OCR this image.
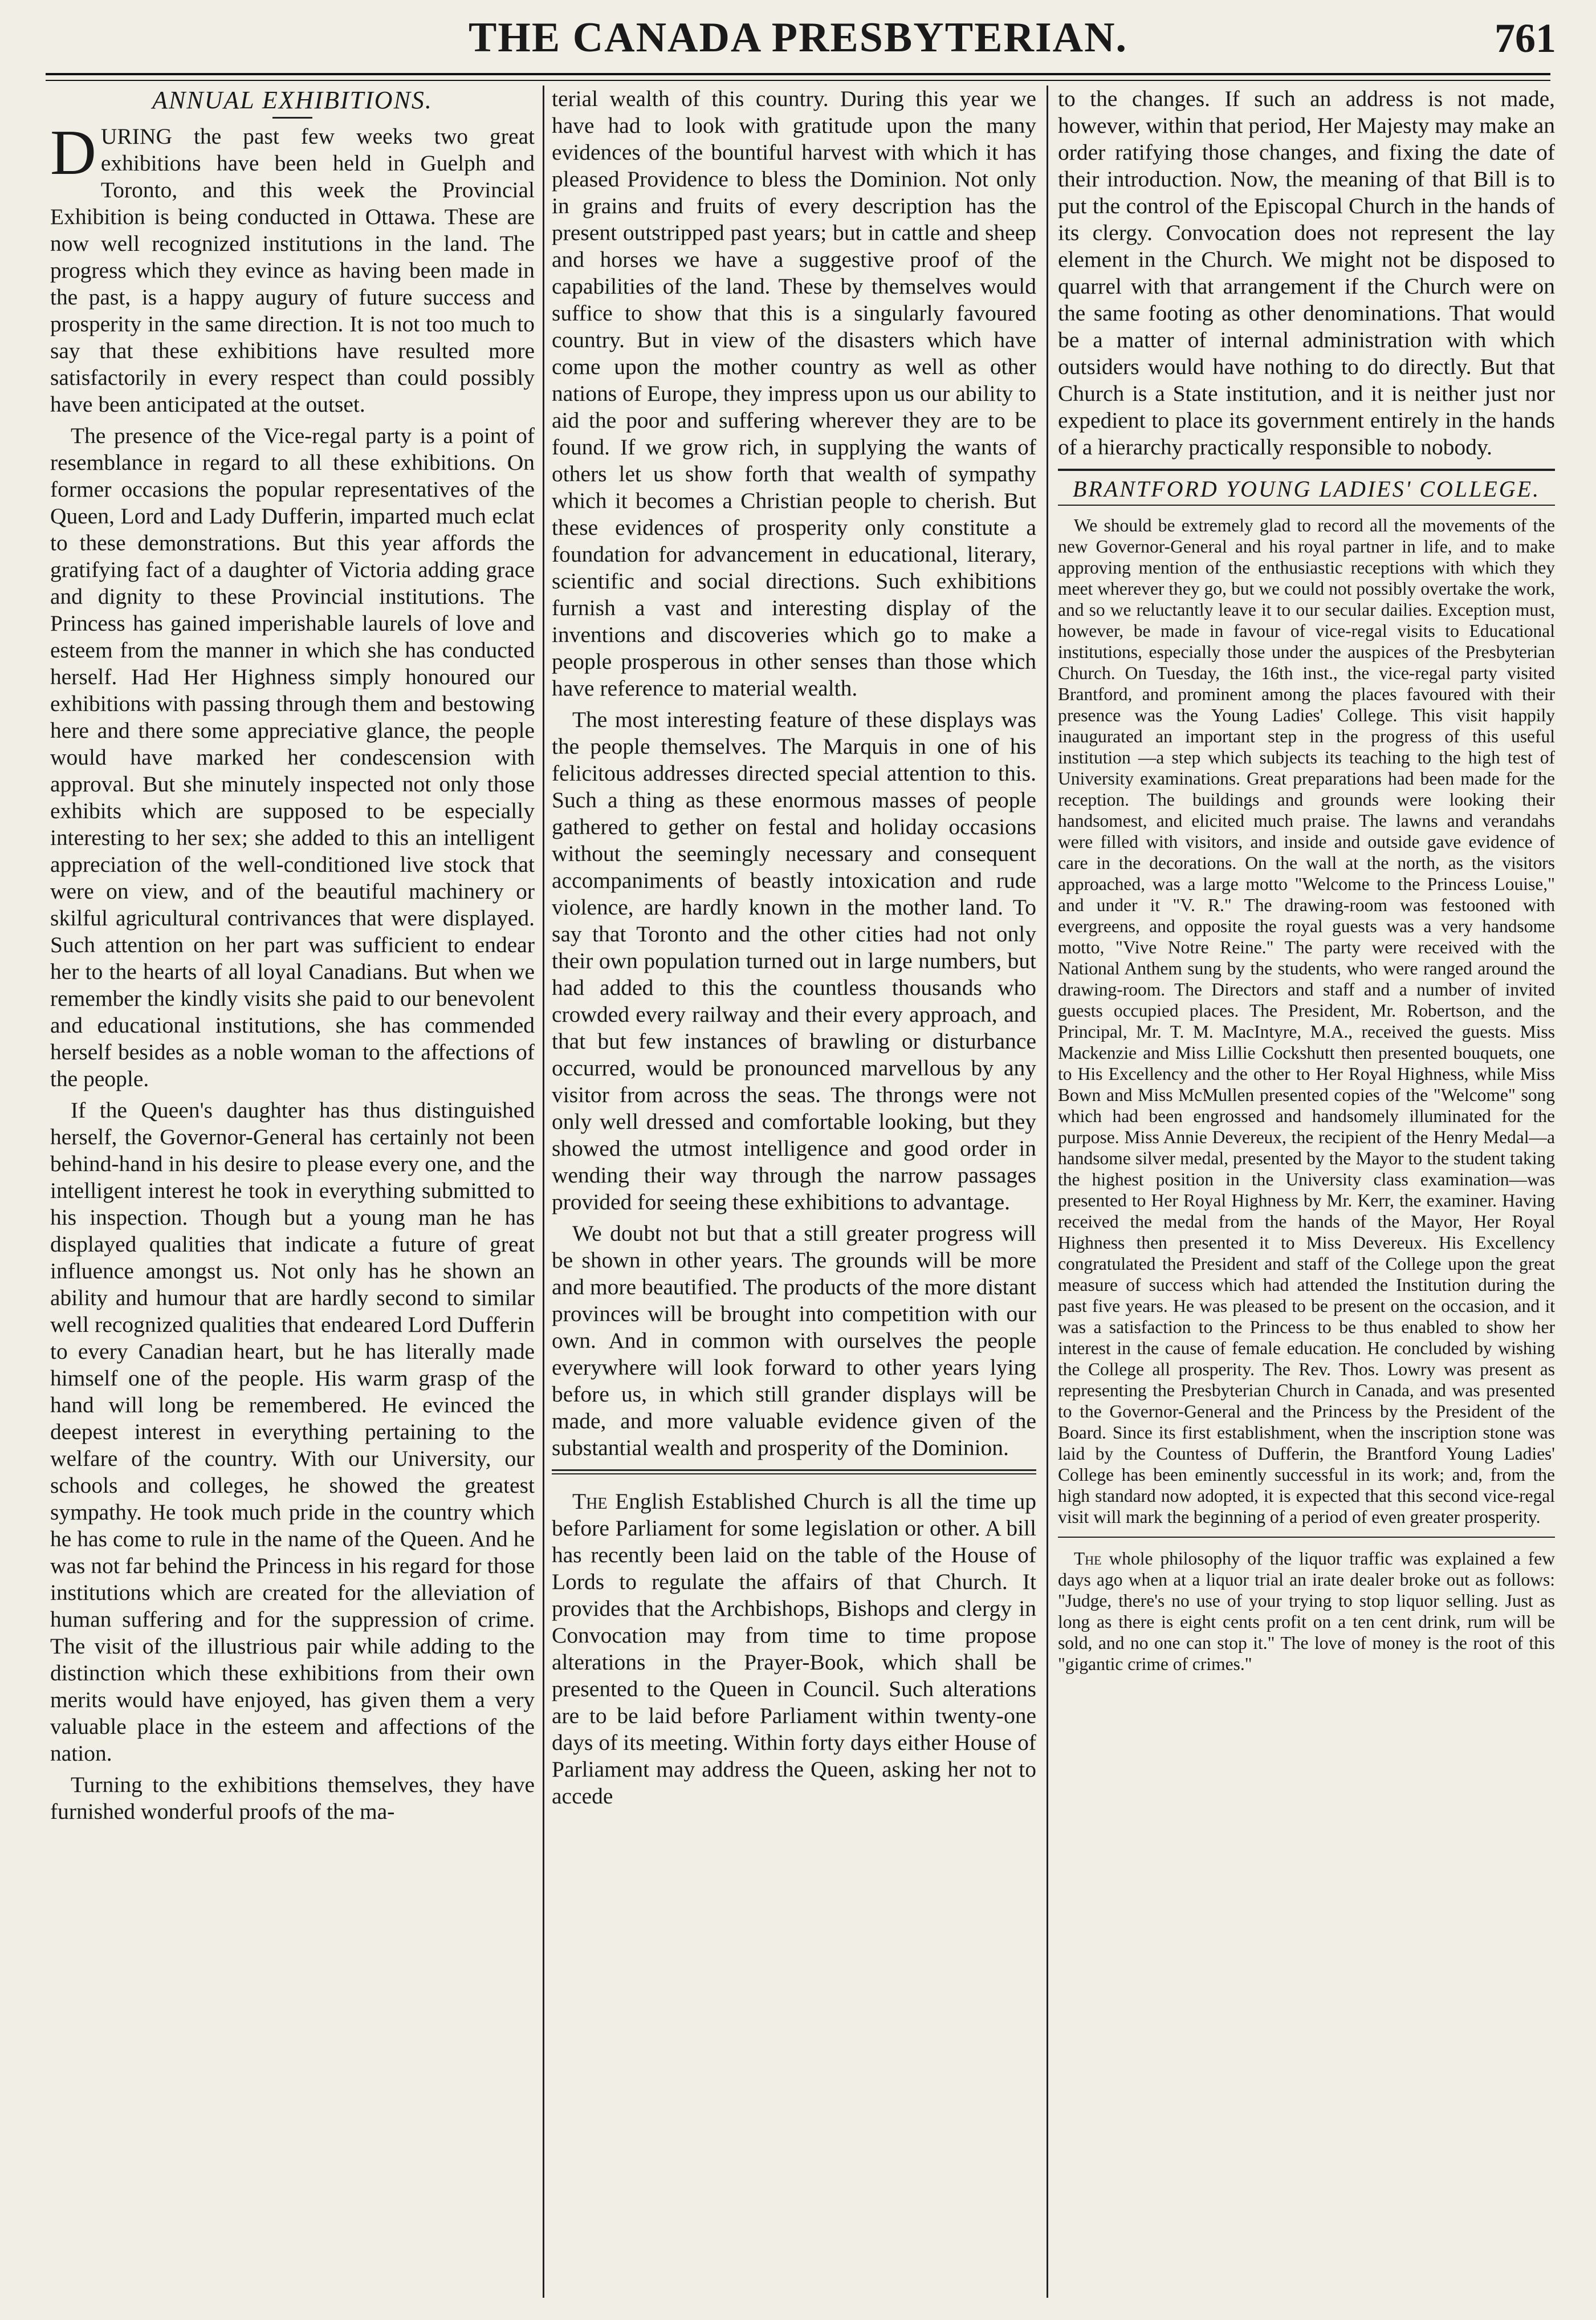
THE CANADA PRESBYTERIAN.	761
ANNUAL EXHIBITIONS.

DURING the past few weeks two great exhibitions have been held in Guelph and Toronto, and this week the Provincial Exhibition is being conducted in Ottawa. These are now well recognized institutions in the land. The progress which they evince as having been made in the past, is a happy augury of future success and prosperity in the same direction. It is not too much to say that these exhibitions have resulted more satisfactorily in every respect than could possibly have been anticipated at the outset.

The presence of the Vice-regal party is a point of resemblance in regard to all these exhibitions. On former occasions the popular representatives of the Queen, Lord and Lady Dufferin, imparted much eclat to these demonstrations. But this year affords the gratifying fact of a daughter of Victoria adding grace and dignity to these Provincial institutions. The Princess has gained imperishable laurels of love and esteem from the manner in which she has conducted herself. Had Her Highness simply honoured our exhibitions with passing through them and bestowing here and there some appreciative glance, the people would have marked her condescension with approval. But she minutely inspected not only those exhibits which are supposed to be especially interesting to her sex; she added to this an intelligent appreciation of the well-conditioned live stock that were on view, and of the beautiful machinery or skilful agricultural contrivances that were displayed. Such attention on her part was sufficient to endear her to the hearts of all loyal Canadians. But when we remember the kindly visits she paid to our benevolent and educational institutions, she has commended herself besides as a noble woman to the affections of the people.

If the Queen's daughter has thus distinguished herself, the Governor-General has certainly not been behind-hand in his desire to please every one, and the intelligent interest he took in everything submitted to his inspection. Though but a young man he has displayed qualities that indicate a future of great influence amongst us. Not only has he shown an ability and humour that are hardly second to similar well recognized qualities that endeared Lord Dufferin to every Canadian heart, but he has literally made himself one of the people. His warm grasp of the hand will long be remembered. He evinced the deepest interest in everything pertaining to the welfare of the country. With our University, our schools and colleges, he showed the greatest sympathy. He took much pride in the country which he has come to rule in the name of the Queen. And he was not far behind the Princess in his regard for those institutions which are created for the alleviation of human suffering and for the suppression of crime. The visit of the illustrious pair while adding to the distinction which these exhibitions from their own merits would have enjoyed, has given them a very valuable place in the esteem and affections of the nation.

Turning to the exhibitions themselves, they have furnished wonderful proofs of the ma-

terial wealth of this country. During this year we have had to look with gratitude upon the many evidences of the bountiful harvest with which it has pleased Providence to bless the Dominion. Not only in grains and fruits of every description has the present outstripped past years; but in cattle and sheep and horses we have a suggestive proof of the capabilities of the land. These by themselves would suffice to show that this is a singularly favoured country. But in view of the disasters which have come upon the mother country as well as other nations of Europe, they impress upon us our ability to aid the poor and suffering wherever they are to be found. If we grow rich, in supplying the wants of others let us show forth that wealth of sympathy which it becomes a Christian people to cherish. But these evidences of prosperity only constitute a foundation for advancement in educational, literary, scientific and social directions. Such exhibitions furnish a vast and interesting display of the inventions and discoveries which go to make a people prosperous in other senses than those which have reference to material wealth.

The most interesting feature of these displays was the people themselves. The Marquis in one of his felicitous addresses directed special attention to this. Such a thing as these enormous masses of people gathered to gether on festal and holiday occasions without the seemingly necessary and consequent accompaniments of beastly intoxication and rude violence, are hardly known in the mother land. To say that Toronto and the other cities had not only their own population turned out in large numbers, but had added to this the countless thousands who crowded every railway and their every approach, and that but few instances of brawling or disturbance occurred, would be pronounced marvellous by any visitor from across the seas. The throngs were not only well dressed and comfortable looking, but they showed the utmost intelligence and good order in wending their way through the narrow passages provided for seeing these exhibitions to advantage.

We doubt not but that a still greater progress will be shown in other years. The grounds will be more and more beautified. The products of the more distant provinces will be brought into competition with our own. And in common with ourselves the people everywhere will look forward to other years lying before us, in which still grander displays will be made, and more valuable evidence given of the substantial wealth and prosperity of the Dominion.

The English Established Church is all the time up before Parliament for some legislation or other. A bill has recently been laid on the table of the House of Lords to regulate the affairs of that Church. It provides that the Archbishops, Bishops and clergy in Convocation may from time to time propose alterations in the Prayer-Book, which shall be presented to the Queen in Council. Such alterations are to be laid before Parliament within twenty-one days of its meeting. Within forty days either House of Parliament may address the Queen, asking her not to accede

to the changes. If such an address is not made, however, within that period, Her Majesty may make an order ratifying those changes, and fixing the date of their introduction. Now, the meaning of that Bill is to put the control of the Episcopal Church in the hands of its clergy. Convocation does not represent the lay element in the Church. We might not be disposed to quarrel with that arrangement if the Church were on the same footing as other denominations. That would be a matter of internal administration with which outsiders would have nothing to do directly. But that Church is a State institution, and it is neither just nor expedient to place its government entirely in the hands of a hierarchy practically responsible to nobody.

BRANTFORD YOUNG LADIES' COLLEGE.

We should be extremely glad to record all the movements of the new Governor-General and his royal partner in life, and to make approving mention of the enthusiastic receptions with which they meet wherever they go, but we could not possibly overtake the work, and so we reluctantly leave it to our secular dailies. Exception must, however, be made in favour of vice-regal visits to Educational institutions, especially those under the auspices of the Presbyterian Church. On Tuesday, the 16th inst., the vice-regal party visited Brantford, and prominent among the places favoured with their presence was the Young Ladies' College. This visit happily inaugurated an important step in the progress of this useful institution —a step which subjects its teaching to the high test of University examinations. Great preparations had been made for the reception. The buildings and grounds were looking their handsomest, and elicited much praise. The lawns and verandahs were filled with visitors, and inside and outside gave evidence of care in the decorations. On the wall at the north, as the visitors approached, was a large motto "Welcome to the Princess Louise," and under it "V. R." The drawing-room was festooned with evergreens, and opposite the royal guests was a very handsome motto, "Vive Notre Reine." The party were received with the National Anthem sung by the students, who were ranged around the drawing-room. The Directors and staff and a number of invited guests occupied places. The President, Mr. Robertson, and the Principal, Mr. T. M. MacIntyre, M.A., received the guests. Miss Mackenzie and Miss Lillie Cockshutt then presented bouquets, one to His Excellency and the other to Her Royal Highness, while Miss Bown and Miss McMullen presented copies of the "Welcome" song which had been engrossed and handsomely illuminated for the purpose. Miss Annie Devereux, the recipient of the Henry Medal—a handsome silver medal, presented by the Mayor to the student taking the highest position in the University class examination—was presented to Her Royal Highness by Mr. Kerr, the examiner. Having received the medal from the hands of the Mayor, Her Royal Highness then presented it to Miss Devereux. His Excellency congratulated the President and staff of the College upon the great measure of success which had attended the Institution during the past five years. He was pleased to be present on the occasion, and it was a satisfaction to the Princess to be thus enabled to show her interest in the cause of female education. He concluded by wishing the College all prosperity. The Rev. Thos. Lowry was present as representing the Presbyterian Church in Canada, and was presented to the Governor-General and the Princess by the President of the Board. Since its first establishment, when the inscription stone was laid by the Countess of Dufferin, the Brantford Young Ladies' College has been eminently successful in its work; and, from the high standard now adopted, it is expected that this second vice-regal visit will mark the beginning of a period of even greater prosperity.

The whole philosophy of the liquor traffic was explained a few days ago when at a liquor trial an irate dealer broke out as follows: "Judge, there's no use of your trying to stop liquor selling. Just as long as there is eight cents profit on a ten cent drink, rum will be sold, and no one can stop it." The love of money is the root of this "gigantic crime of crimes."
